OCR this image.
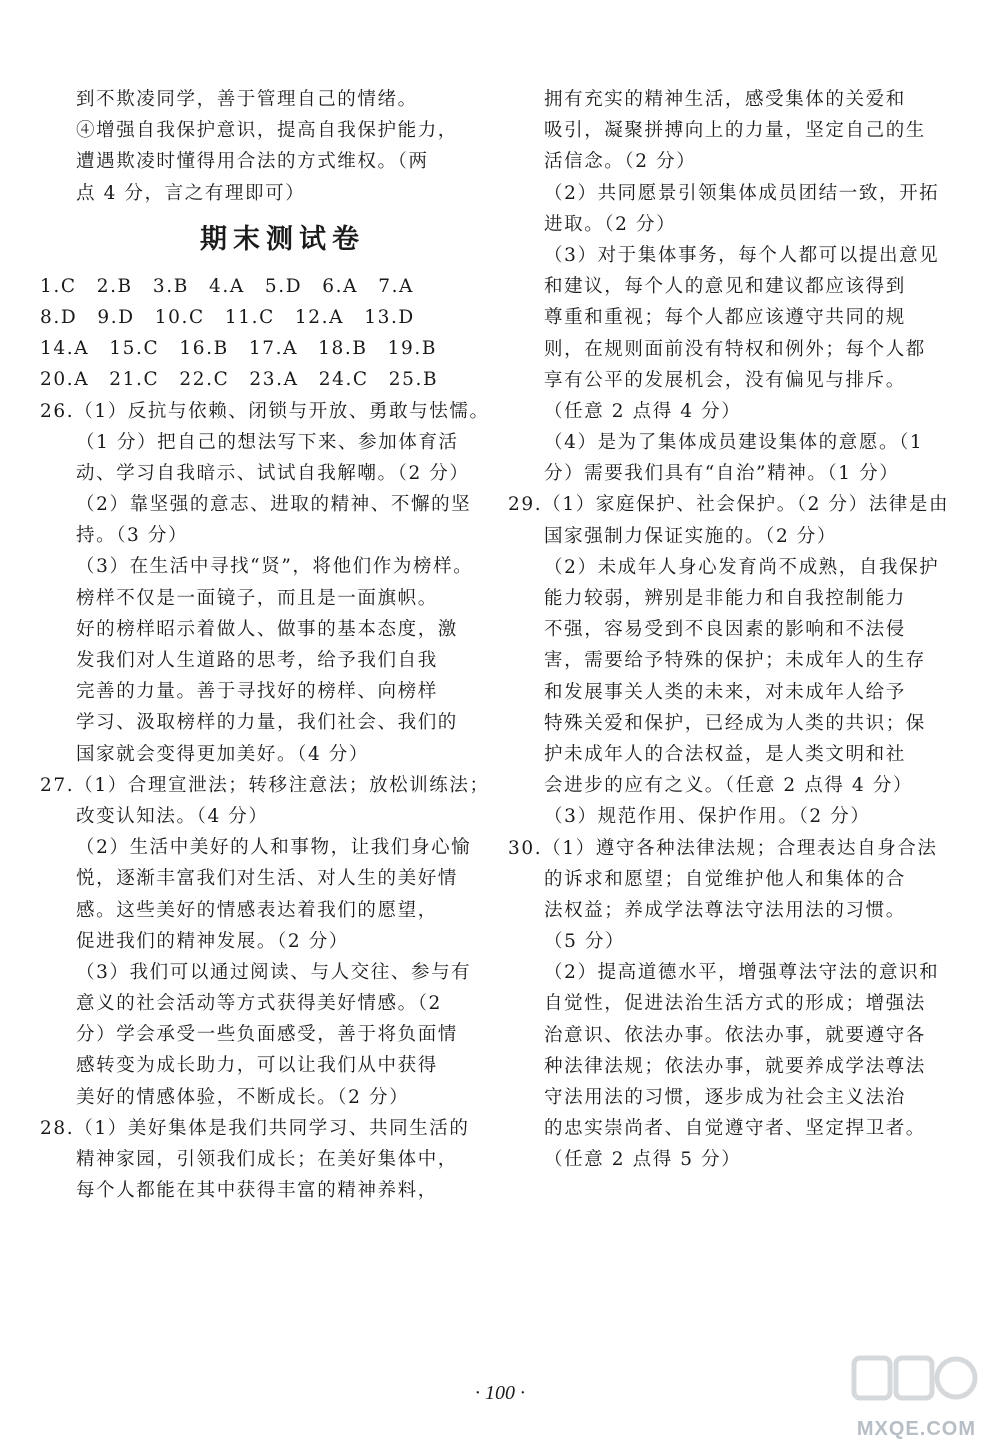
到不欺凌同学，善于管理自己的情绪。
④增强自我保护意识，提高自我保护能力，
遭遇欺凌时懂得用合法的方式维权。（两
点 4 分，言之有理即可）
期末测试卷
1.C　2.B　3.B　4.A　5.D　6.A　7.A
8.D　9.D　10.C　11.C　12.A　13.D
14.A　15.C　16.B　17.A　18.B　19.B
20.A　21.C　22.C　23.A　24.C　25.B
26.（1）反抗与依赖、闭锁与开放、勇敢与怯懦。
（1 分）把自己的想法写下来、参加体育活
动、学习自我暗示、试试自我解嘲。（2 分）
（2）靠坚强的意志、进取的精神、不懈的坚
持。（3 分）
（3）在生活中寻找“贤”，将他们作为榜样。
榜样不仅是一面镜子，而且是一面旗帜。
好的榜样昭示着做人、做事的基本态度，激
发我们对人生道路的思考，给予我们自我
完善的力量。善于寻找好的榜样、向榜样
学习、汲取榜样的力量，我们社会、我们的
国家就会变得更加美好。（4 分）
27.（1）合理宣泄法；转移注意法；放松训练法；
改变认知法。（4 分）
（2）生活中美好的人和事物，让我们身心愉
悦，逐渐丰富我们对生活、对人生的美好情
感。这些美好的情感表达着我们的愿望，
促进我们的精神发展。（2 分）
（3）我们可以通过阅读、与人交往、参与有
意义的社会活动等方式获得美好情感。（2
分）学会承受一些负面感受，善于将负面情
感转变为成长助力，可以让我们从中获得
美好的情感体验，不断成长。（2 分）
28.（1）美好集体是我们共同学习、共同生活的
精神家园，引领我们成长；在美好集体中，
每个人都能在其中获得丰富的精神养料，
拥有充实的精神生活，感受集体的关爱和
吸引，凝聚拼搏向上的力量，坚定自己的生
活信念。（2 分）
（2）共同愿景引领集体成员团结一致，开拓
进取。（2 分）
（3）对于集体事务，每个人都可以提出意见
和建议，每个人的意见和建议都应该得到
尊重和重视；每个人都应该遵守共同的规
则，在规则面前没有特权和例外；每个人都
享有公平的发展机会，没有偏见与排斥。
（任意 2 点得 4 分）
（4）是为了集体成员建设集体的意愿。（1
分）需要我们具有“自治”精神。（1 分）
29.（1）家庭保护、社会保护。（2 分）法律是由
国家强制力保证实施的。（2 分）
（2）未成年人身心发育尚不成熟，自我保护
能力较弱，辨别是非能力和自我控制能力
不强，容易受到不良因素的影响和不法侵
害，需要给予特殊的保护；未成年人的生存
和发展事关人类的未来，对未成年人给予
特殊关爱和保护，已经成为人类的共识；保
护未成年人的合法权益，是人类文明和社
会进步的应有之义。（任意 2 点得 4 分）
（3）规范作用、保护作用。（2 分）
30.（1）遵守各种法律法规；合理表达自身合法
的诉求和愿望；自觉维护他人和集体的合
法权益；养成学法尊法守法用法的习惯。
（5 分）
（2）提高道德水平，增强尊法守法的意识和
自觉性，促进法治生活方式的形成；增强法
治意识、依法办事。依法办事，就要遵守各
种法律法规；依法办事，就要养成学法尊法
守法用法的习惯，逐步成为社会主义法治
的忠实崇尚者、自觉遵守者、坚定捍卫者。
（任意 2 点得 5 分）
· 100 ·
MXQE.COM
